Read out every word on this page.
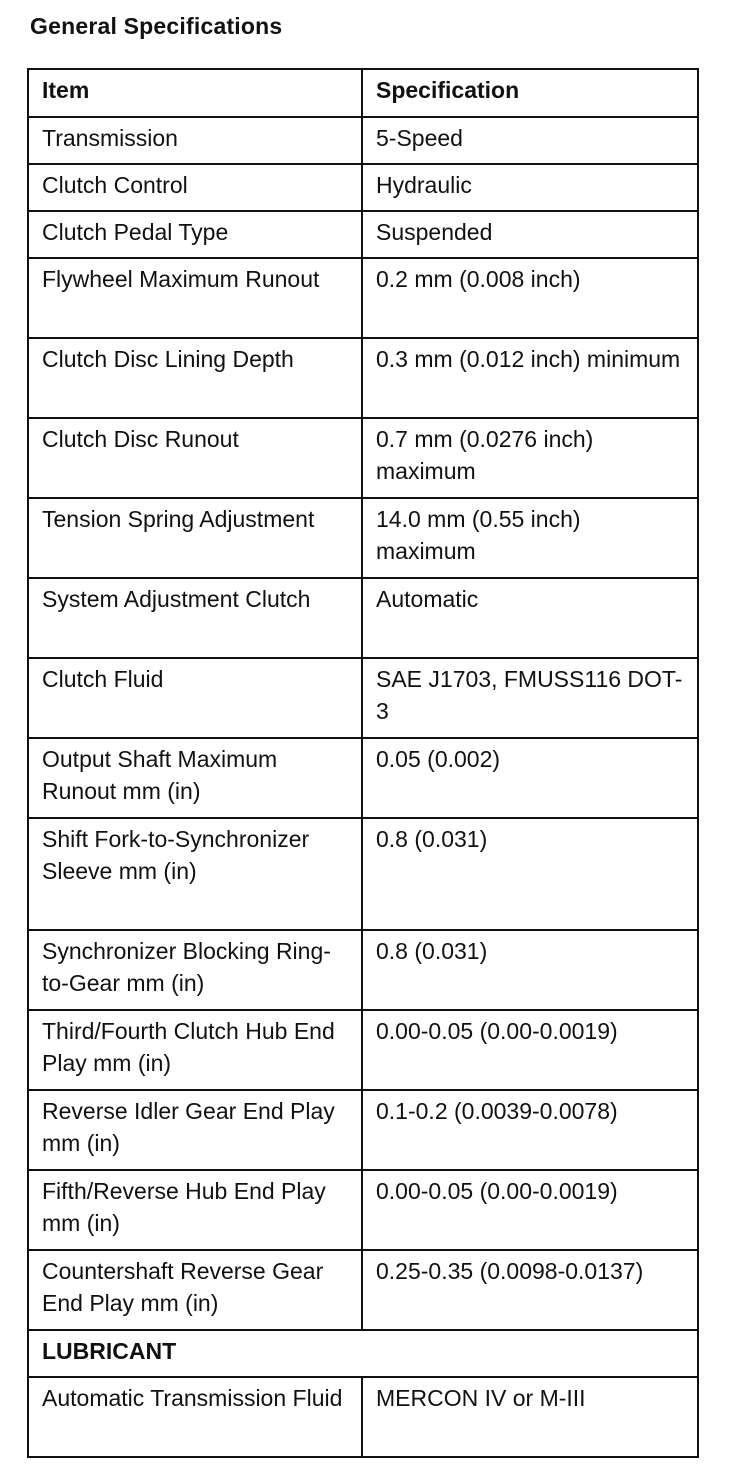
General Specifications
Item	Specification
Transmission	5-Speed
Clutch Control	Hydraulic
Clutch Pedal Type	Suspended
Flywheel Maximum Runout	0.2 mm (0.008 inch)
Clutch Disc Lining Depth	0.3 mm (0.012 inch) minimum
Clutch Disc Runout	0.7 mm (0.0276 inch) maximum
Tension Spring Adjustment	14.0 mm (0.55 inch) maximum
System Adjustment Clutch	Automatic
Clutch Fluid	SAE J1703, FMUSS116 DOT-3
Output Shaft Maximum Runout mm (in)	0.05 (0.002)
Shift Fork-to-Synchronizer Sleeve mm (in)	0.8 (0.031)
Synchronizer Blocking Ring-to-Gear mm (in)	0.8 (0.031)
Third/Fourth Clutch Hub End Play mm (in)	0.00-0.05 (0.00-0.0019)
Reverse Idler Gear End Play mm (in)	0.1-0.2 (0.0039-0.0078)
Fifth/Reverse Hub End Play mm (in)	0.00-0.05 (0.00-0.0019)
Countershaft Reverse Gear End Play mm (in)	0.25-0.35 (0.0098-0.0137)
LUBRICANT	
Automatic Transmission Fluid	MERCON IV or M-III
